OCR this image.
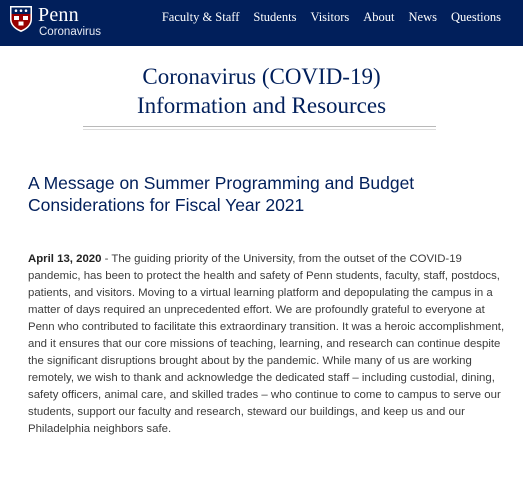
Penn
Coronavirus
Faculty & Staff Students Visitors About News Questions
Coronavirus (COVID-19)
Information and Resources
A Message on Summer Programming and Budget Considerations for Fiscal Year 2021

April 13, 2020 - The guiding priority of the University, from the outset of the COVID-19 pandemic, has been to protect the health and safety of Penn students, faculty, staff, postdocs, patients, and visitors. Moving to a virtual learning platform and depopulating the campus in a matter of days required an unprecedented effort. We are profoundly grateful to everyone at Penn who contributed to facilitate this extraordinary transition. It was a heroic accomplishment, and it ensures that our core missions of teaching, learning, and research can continue despite the significant disruptions brought about by the pandemic. While many of us are working remotely, we wish to thank and acknowledge the dedicated staff – including custodial, dining, safety officers, animal care, and skilled trades – who continue to come to campus to serve our students, support our faculty and research, steward our buildings, and keep us and our Philadelphia neighbors safe.
